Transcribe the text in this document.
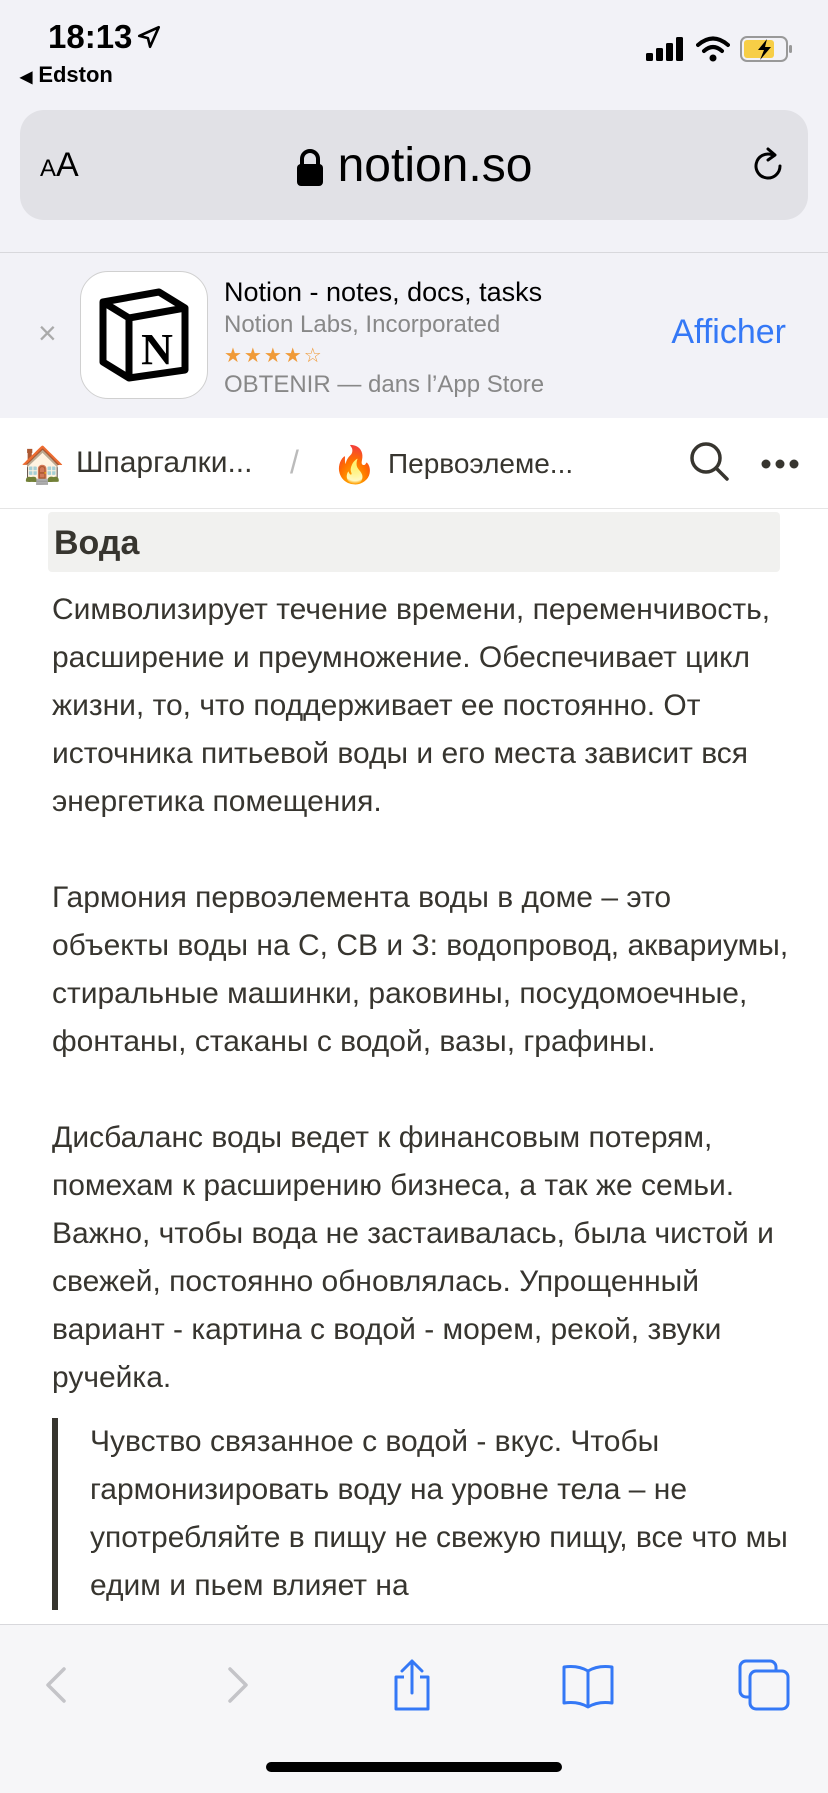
18:13
◀ Edston
AA	notion.so
× N
Notion - notes, docs, tasks
Notion Labs, Incorporated
★★★★☆
OBTENIR — dans l’App Store
Afficher
🏠 Шпаргалки... / 🔥 Первоэлеме...
Вода
Символизирует течение времени, переменчивость, расширение и преумножение. Обеспечивает цикл жизни, то, что поддерживает ее постоянно. От источника питьевой воды и его места зависит вся энергетика помещения.
Гармония первоэлемента воды в доме – это объекты воды на С, СВ и З: водопровод, аквариумы, стиральные машинки, раковины, посудомоечные, фонтаны, стаканы с водой, вазы, графины.
Дисбаланс воды ведет к финансовым потерям, помехам к расширению бизнеса, а так же семьи. Важно, чтобы вода не застаивалась, была чистой и свежей, постоянно обновлялась. Упрощенный вариант - картина с водой - морем, рекой, звуки ручейка.
Чувство связанное с водой - вкус. Чтобы гармонизировать воду на уровне тела – не употребляйте в пищу не свежую пищу, все что мы едим и пьем влияет на
